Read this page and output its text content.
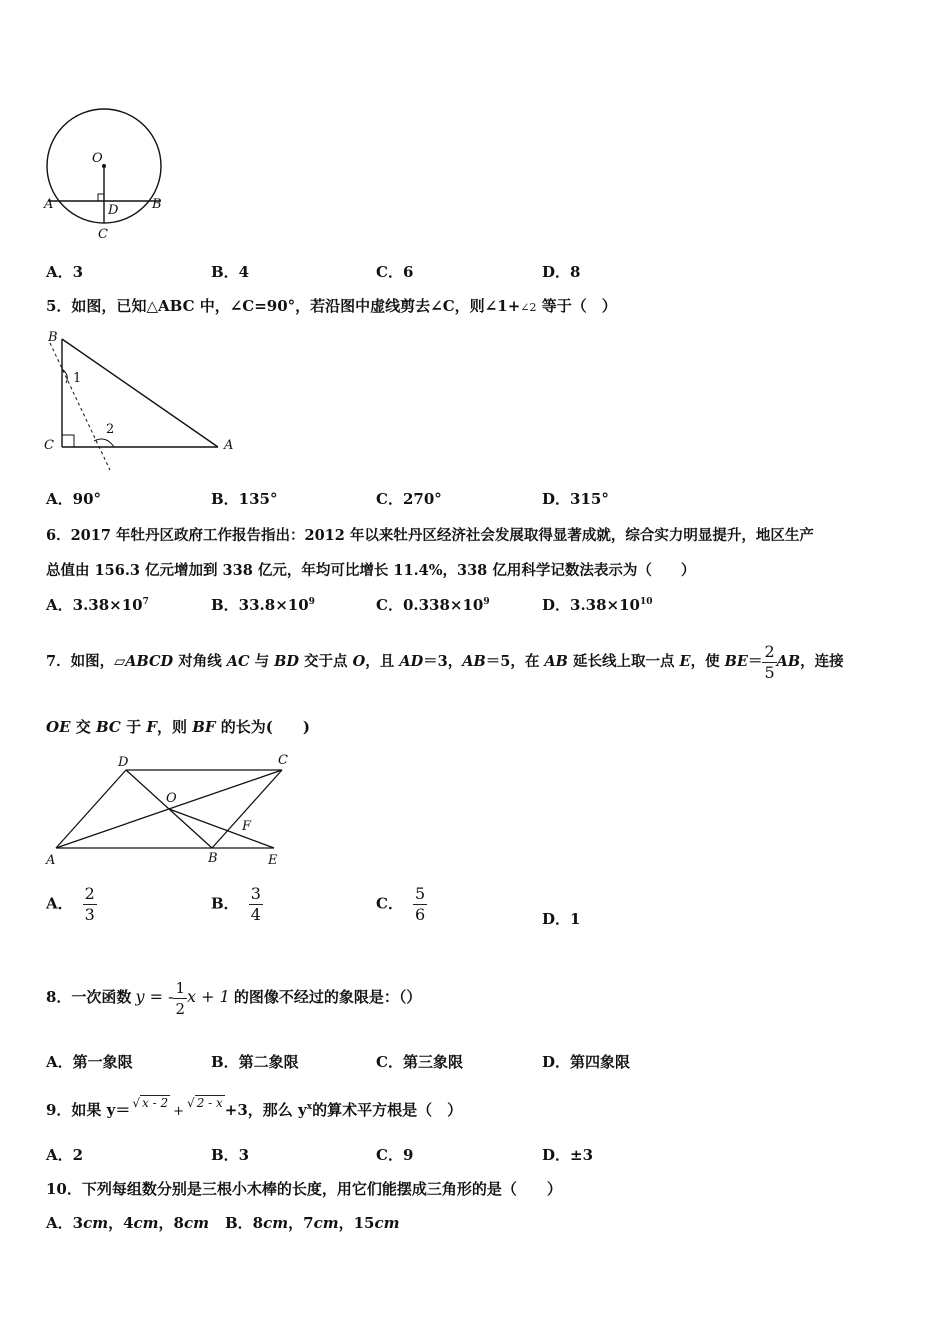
O
A	B
D
C
A．3	B．4	C．6	D．8
5．如图，已知△ABC 中，∠C=90°，若沿图中虚线剪去∠C，则∠1+∠2 等于（　）
B
C	A
1
2
A．90°	B．135°	C．270°	D．315°
6．2017 年牡丹区政府工作报告指出：2012 年以来牡丹区经济社会发展取得显著成就，综合实力明显提升，地区生产
总值由 156.3 亿元增加到 338 亿元，年均可比增长 11.4%，338 亿用科学记数法表示为（　　）
A．$3.38\times 10^7$	B．$33.8\times 10^9$	C．$0.338\times 10^9$	D．$3.38\times 10^{10}$
7．如图，▱ABCD 对角线 AC 与 BD 交于点 O，且 AD＝3，AB＝5，在 AB 延长线上取一点 E，使 $BE= \frac{2}{5}$ AB，连接
OE 交 BC 于 F，则 BF 的长为(　　)
D	C
O
F
A	B	E
A． $\frac{2}{3}$	B． $\frac{3}{4}$	C． $\frac{5}{6}$	D．1
8．一次函数 y = - $\frac{1}{2}$ x + 1 的图像不经过的象限是：（）
A．第一象限	B．第二象限	C．第三象限	D．第四象限
9．如果 y＝ $^{√ x - 2}$+$^{√ 2 - x}$ +3，那么 $y^x$的算术平方根是（　）
A．2	B．3	C．9	D．±3
10．下列每组数分别是三根小木棒的长度，用它们能摆成三角形的是（　　）
A．3cm，4cm，8cm B．8cm，7cm，15cm
